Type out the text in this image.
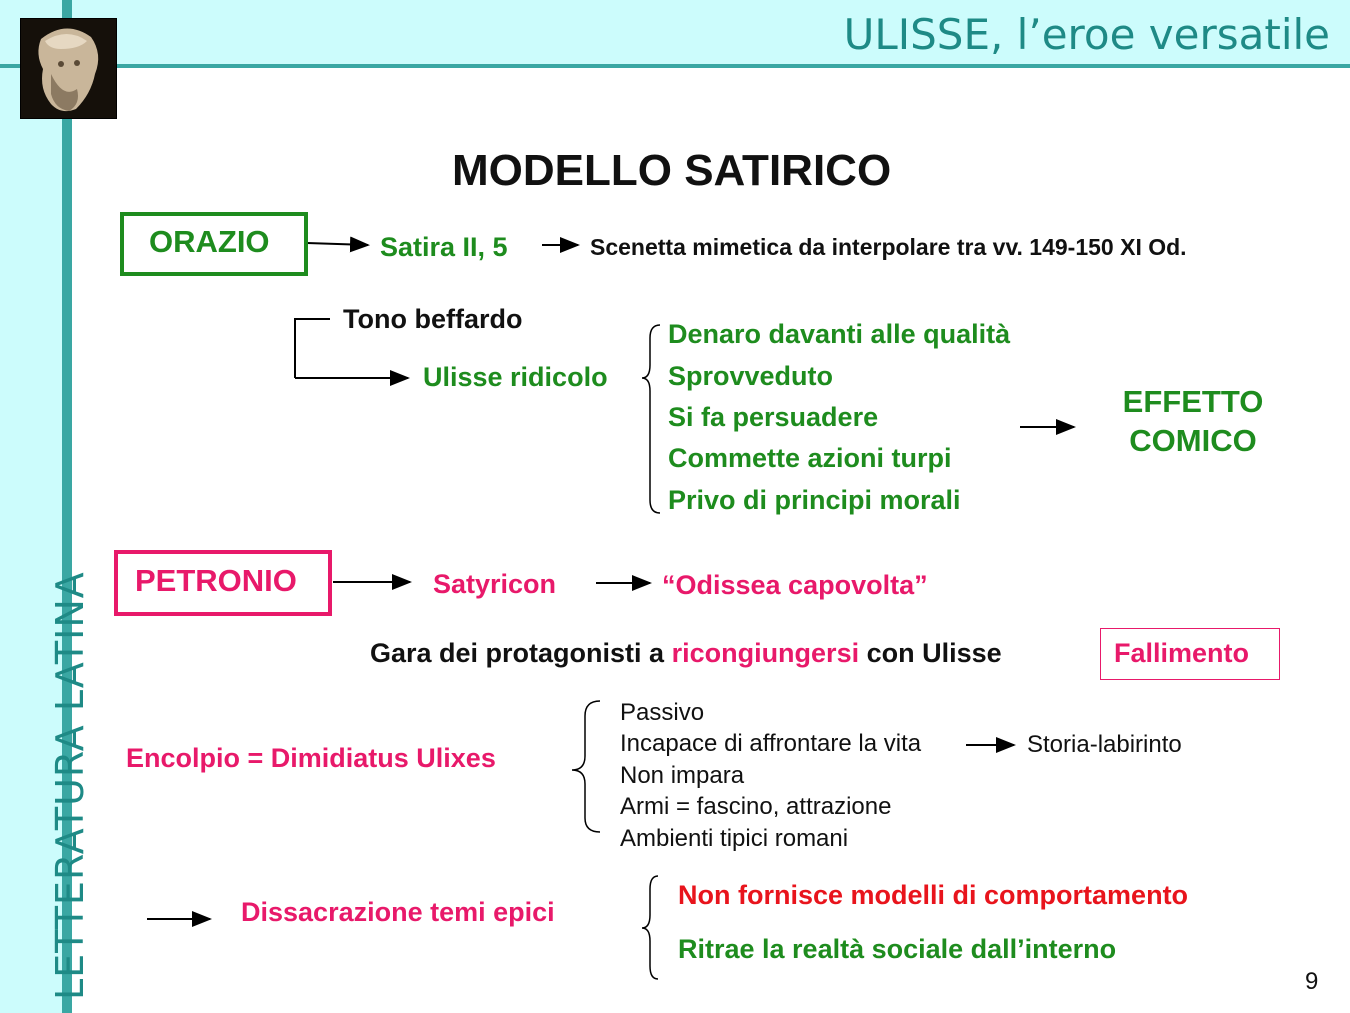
ULISSE, l’eroe versatile
LETTERATURA LATINA
MODELLO SATIRICO
ORAZIO	Satira II, 5	Scenetta mimetica da interpolare tra vv. 149-150 XI Od.
Tono beffardo
Ulisse ridicolo
Denaro davanti alle qualità
Sprovveduto
Si fa persuadere
Commette azioni turpi
Privo di principi morali
EFFETTO
COMICO
PETRONIO	Satyricon	“Odissea capovolta”
Gara dei protagonisti a ricongiungersi con Ulisse	Fallimento
Encolpio = Dimidiatus Ulixes
Passivo
Incapace di affrontare la vita
Non impara
Armi = fascino, attrazione
Ambienti tipici romani
Storia-labirinto
Dissacrazione temi epici
Non fornisce modelli di comportamento
Ritrae la realtà sociale dall’interno
9
